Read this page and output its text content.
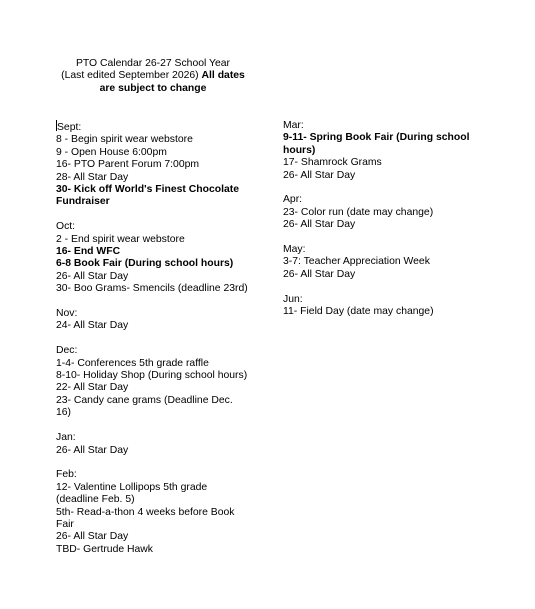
PTO Calendar 26-27 School Year
(Last edited September 2026) All dates are subject to change
Sept:
8 - Begin spirit wear webstore
9 - Open House 6:00pm
16- PTO Parent Forum 7:00pm
28- All Star Day
30- Kick off World's Finest Chocolate Fundraiser
Oct:
2 - End spirit wear webstore
16- End WFC
6-8 Book Fair (During school hours)
26- All Star Day
30- Boo Grams- Smencils (deadline 23rd)
Nov:
24- All Star Day
Dec:
1-4- Conferences 5th grade raffle
8-10- Holiday Shop (During school hours)
22- All Star Day
23- Candy cane grams (Deadline Dec. 16)
Jan:
26- All Star Day
Feb:
12- Valentine Lollipops 5th grade (deadline Feb. 5)
5th- Read-a-thon 4 weeks before Book Fair
26- All Star Day
TBD- Gertrude Hawk
Mar:
9-11- Spring Book Fair (During school hours)
17- Shamrock Grams
26- All Star Day
Apr:
23- Color run (date may change)
26- All Star Day
May:
3-7: Teacher Appreciation Week
26- All Star Day
Jun:
11- Field Day (date may change)
